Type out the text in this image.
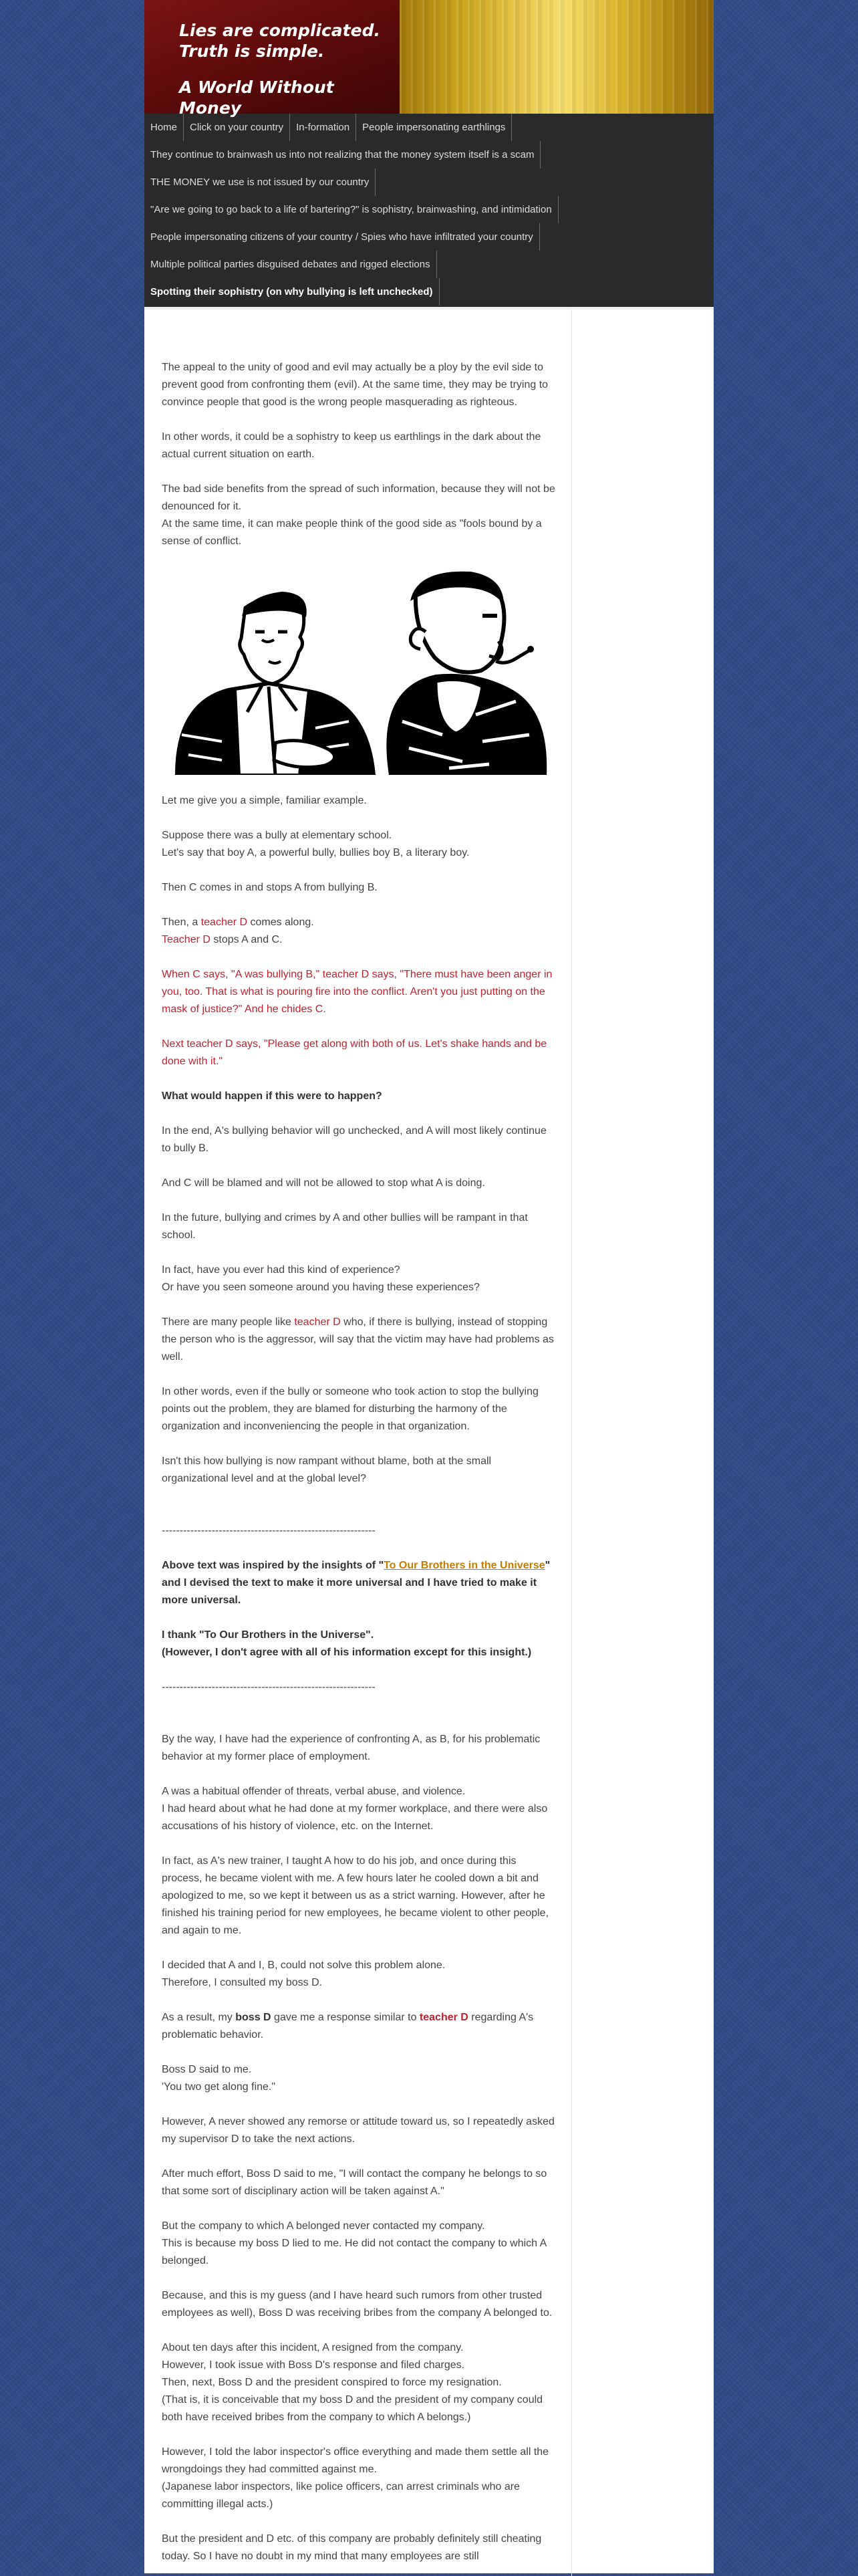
Lies are complicated.

Truth is simple.

A World Without Money

Home	Click on your country	In-formation	People impersonating earthlings
They continue to brainwash us into not realizing that the money system itself is a scam
THE MONEY we use is not issued by our country
"Are we going to go back to a life of bartering?" is sophistry, brainwashing, and intimidation
People impersonating citizens of your country / Spies who have infiltrated your country
Multiple political parties disguised debates and rigged elections
Spotting their sophistry (on why bullying is left unchecked)

The appeal to the unity of good and evil may actually be a ploy by the evil side to prevent good from confronting them (evil). At the same time, they may be trying to convince people that good is the wrong people masquerading as righteous.

In other words, it could be a sophistry to keep us earthlings in the dark about the actual current situation on earth.

The bad side benefits from the spread of such information, because they will not be denounced for it.
At the same time, it can make people think of the good side as "fools bound by a sense of conflict.

Let me give you a simple, familiar example.

Suppose there was a bully at elementary school.
Let's say that boy A, a powerful bully, bullies boy B, a literary boy.

Then C comes in and stops A from bullying B.

Then, a teacher D comes along.
Teacher D stops A and C.

When C says, "A was bullying B," teacher D says, "There must have been anger in you, too. That is what is pouring fire into the conflict. Aren't you just putting on the mask of justice?" And he chides C.

Next teacher D says, "Please get along with both of us. Let's shake hands and be done with it."

What would happen if this were to happen?

In the end, A's bullying behavior will go unchecked, and A will most likely continue to bully B.

And C will be blamed and will not be allowed to stop what A is doing.

In the future, bullying and crimes by A and other bullies will be rampant in that school.

In fact, have you ever had this kind of experience?
Or have you seen someone around you having these experiences?

There are many people like teacher D who, if there is bullying, instead of stopping the person who is the aggressor, will say that the victim may have had problems as well.

In other words, even if the bully or someone who took action to stop the bullying points out the problem, they are blamed for disturbing the harmony of the organization and inconveniencing the people in that organization.

Isn't this how bullying is now rampant without blame, both at the small organizational level and at the global level?

------------------------------------------------------------

Above text was inspired by the insights of "To Our Brothers in the Universe" and I devised the text to make it more universal and I have tried to make it more universal.

I thank "To Our Brothers in the Universe".
(However, I don't agree with all of his information except for this insight.)

------------------------------------------------------------

By the way, I have had the experience of confronting A, as B, for his problematic behavior at my former place of employment.

A was a habitual offender of threats, verbal abuse, and violence.
I had heard about what he had done at my former workplace, and there were also accusations of his history of violence, etc. on the Internet.

In fact, as A's new trainer, I taught A how to do his job, and once during this process, he became violent with me. A few hours later he cooled down a bit and apologized to me, so we kept it between us as a strict warning. However, after he finished his training period for new employees, he became violent to other people, and again to me.

I decided that A and I, B, could not solve this problem alone.
Therefore, I consulted my boss D.

As a result, my boss D gave me a response similar to teacher D regarding A's problematic behavior.

Boss D said to me.
'You two get along fine."

However, A never showed any remorse or attitude toward us, so I repeatedly asked my supervisor D to take the next actions.

After much effort, Boss D said to me, "I will contact the company he belongs to so that some sort of disciplinary action will be taken against A."

But the company to which A belonged never contacted my company.
This is because my boss D lied to me. He did not contact the company to which A belonged.

Because, and this is my guess (and I have heard such rumors from other trusted employees as well), Boss D was receiving bribes from the company A belonged to.

About ten days after this incident, A resigned from the company.
However, I took issue with Boss D's response and filed charges.
Then, next, Boss D and the president conspired to force my resignation.
(That is, it is conceivable that my boss D and the president of my company could both have received bribes from the company to which A belongs.)

However, I told the labor inspector's office everything and made them settle all the wrongdoings they had committed against me.
(Japanese labor inspectors, like police officers, can arrest criminals who are committing illegal acts.)

But the president and D etc. of this company are probably definitely still cheating today. So I have no doubt in my mind that many employees are still
